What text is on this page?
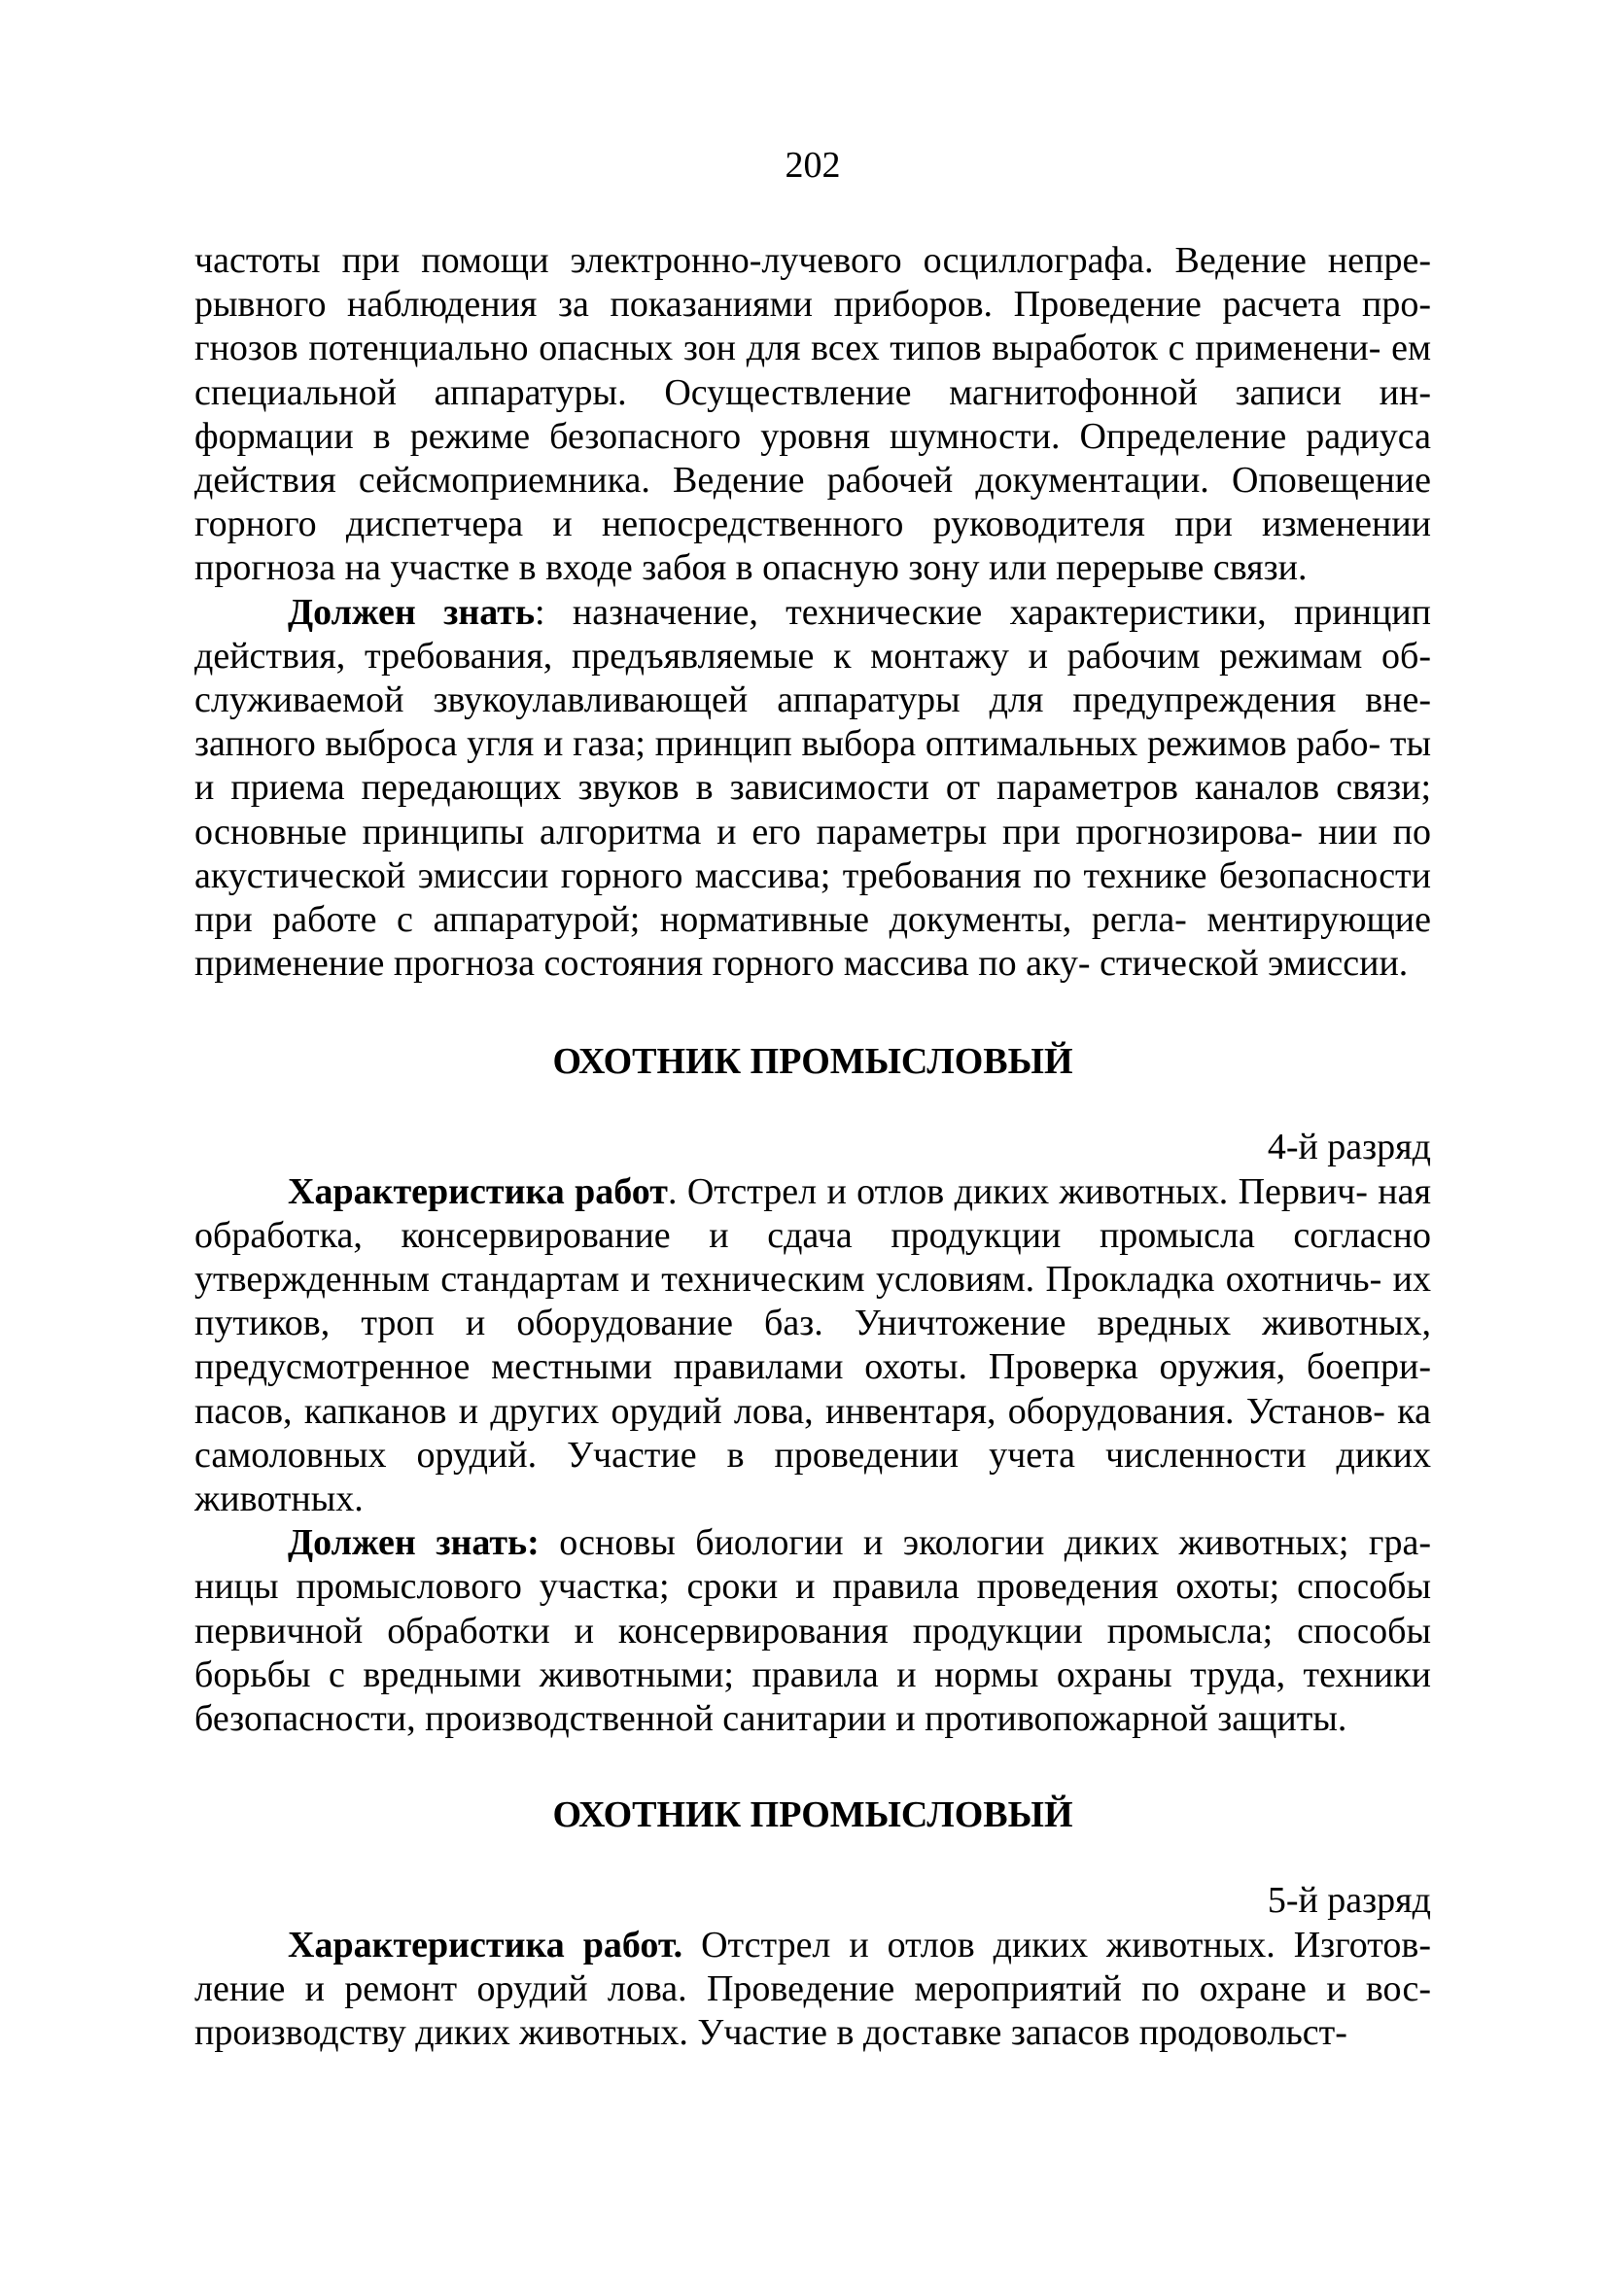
202

частоты при помощи электронно-лучевого осциллографа. Ведение непре- рывного наблюдения за показаниями приборов. Проведение расчета про- гнозов потенциально опасных зон для всех типов выработок с применени- ем специальной аппаратуры. Осуществление магнитофонной записи ин- формации в режиме безопасного уровня шумности. Определение радиуса действия сейсмоприемника. Ведение рабочей документации. Оповещение горного диспетчера и непосредственного руководителя при изменении прогноза на участке в входе забоя в опасную зону или перерыве связи.

Должен знать: назначение, технические характеристики, принцип действия, требования, предъявляемые к монтажу и рабочим режимам об- служиваемой звукоулавливающей аппаратуры для предупреждения вне- запного выброса угля и газа; принцип выбора оптимальных режимов рабо- ты и приема передающих звуков в зависимости от параметров каналов связи; основные принципы алгоритма и его параметры при прогнозирова- нии по акустической эмиссии горного массива; требования по технике безопасности при работе с аппаратурой; нормативные документы, регла- ментирующие применение прогноза состояния горного массива по аку- стической эмиссии.

ОХОТНИК ПРОМЫСЛОВЫЙ
4-й разряд

Характеристика работ. Отстрел и отлов диких животных. Первич- ная обработка, консервирование и сдача продукции промысла согласно утвержденным стандартам и техническим условиям. Прокладка охотничь- их путиков, троп и оборудование баз. Уничтожение вредных животных, предусмотренное местными правилами охоты. Проверка оружия, боепри- пасов, капканов и других орудий лова, инвентаря, оборудования. Установ- ка самоловных орудий. Участие в проведении учета численности диких животных.

Должен знать: основы биологии и экологии диких животных; гра- ницы промыслового участка; сроки и правила проведения охоты; способы первичной обработки и консервирования продукции промысла; способы борьбы с вредными животными; правила и нормы охраны труда, техники безопасности, производственной санитарии и противопожарной защиты.

ОХОТНИК ПРОМЫСЛОВЫЙ
5-й разряд

Характеристика работ. Отстрел и отлов диких животных. Изготов- ление и ремонт орудий лова. Проведение мероприятий по охране и вос- производству диких животных. Участие в доставке запасов продовольст-
